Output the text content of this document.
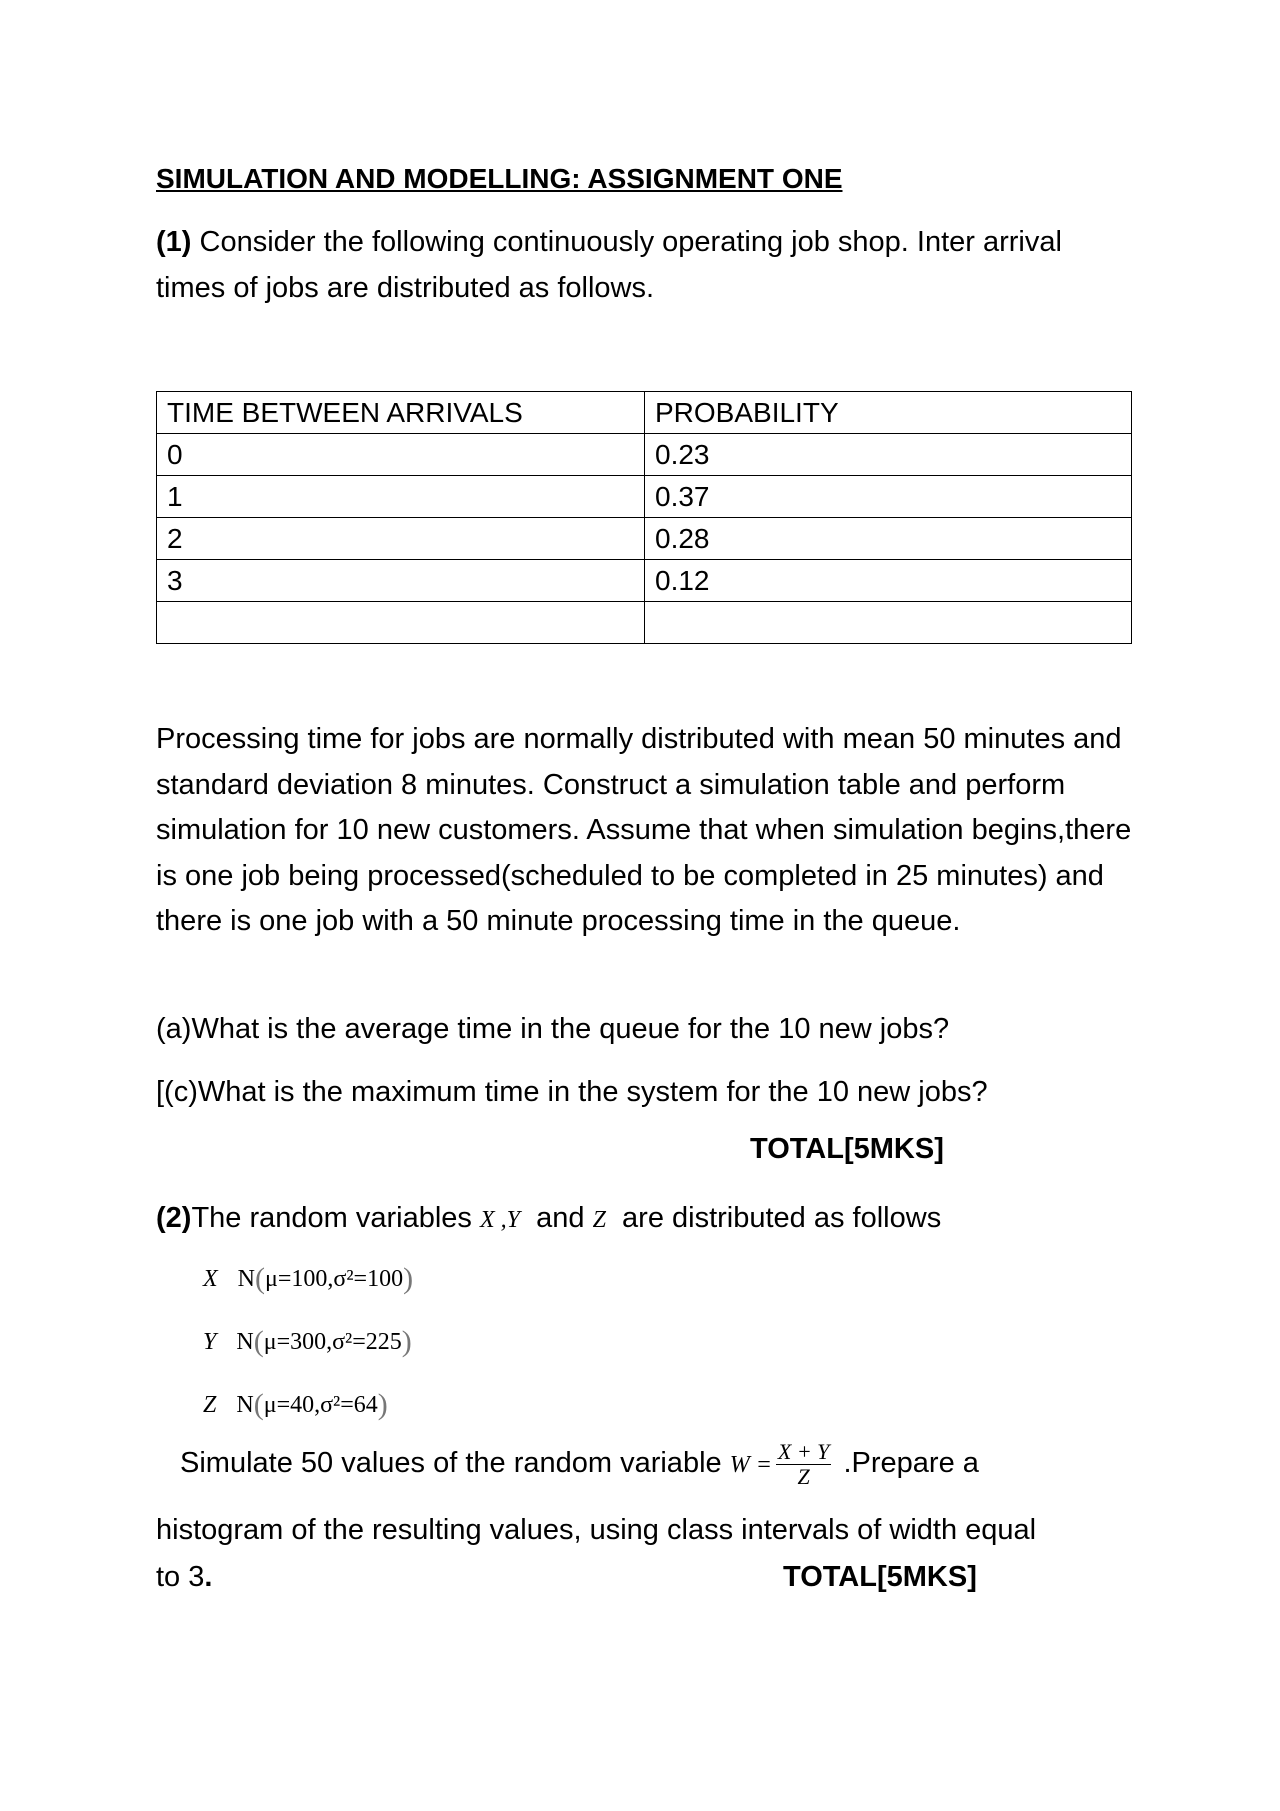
SIMULATION AND MODELLING: ASSIGNMENT ONE
(1) Consider the following continuously operating job shop. Inter arrival times of jobs are distributed as follows.
TIME BETWEEN ARRIVALS	PROBABILITY
0	0.23
1	0.37
2	0.28
3	0.12

Processing time for jobs are normally distributed with mean 50 minutes and standard deviation 8 minutes. Construct a simulation table and perform simulation for 10 new customers. Assume that when simulation begins,there is one job being processed(scheduled to be completed in 25 minutes) and there is one job with a 50 minute processing time in the queue.
(a)What is the average time in the queue for the 10 new jobs?
[(c)What is the maximum time in the system for the 10 new jobs?
TOTAL[5MKS]
(2)The random variables X ,Y  and Z  are distributed as follows
X N(μ=100,σ²=100)
Y N(μ=300,σ²=225)
Z N(μ=40,σ²=64)
Simulate 50 values of the random variable $W = \frac{X + Y}{Z}$ .Prepare a
histogram of the resulting values, using class intervals of width equal
to 3.	TOTAL[5MKS]
